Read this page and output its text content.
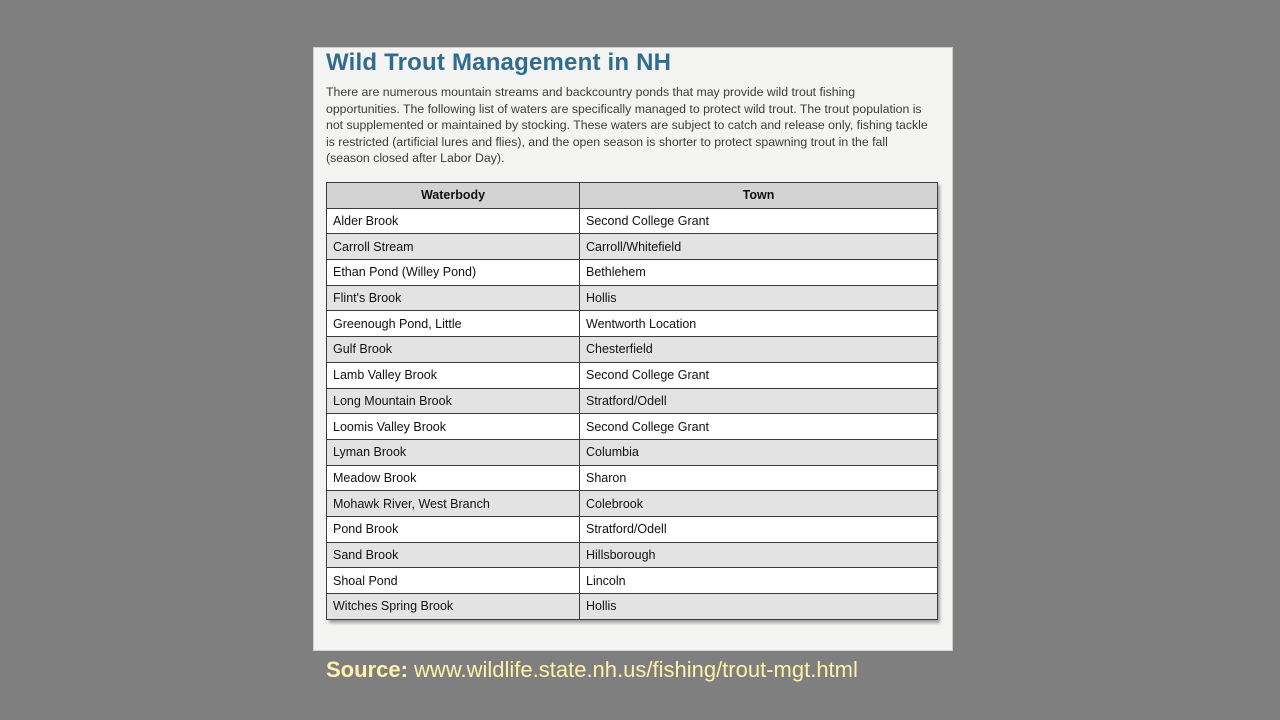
Wild Trout Management in NH

There are numerous mountain streams and backcountry ponds that may provide wild trout fishing opportunities. The following list of waters are specifically managed to protect wild trout. The trout population is not supplemented or maintained by stocking. These waters are subject to catch and release only, fishing tackle is restricted (artificial lures and flies), and the open season is shorter to protect spawning trout in the fall (season closed after Labor Day).

Waterbody	Town
Alder Brook	Second College Grant
Carroll Stream	Carroll/Whitefield
Ethan Pond (Willey Pond)	Bethlehem
Flint's Brook	Hollis
Greenough Pond, Little	Wentworth Location
Gulf Brook	Chesterfield
Lamb Valley Brook	Second College Grant
Long Mountain Brook	Stratford/Odell
Loomis Valley Brook	Second College Grant
Lyman Brook	Columbia
Meadow Brook	Sharon
Mohawk River, West Branch	Colebrook
Pond Brook	Stratford/Odell
Sand Brook	Hillsborough
Shoal Pond	Lincoln
Witches Spring Brook	Hollis
Source: www.wildlife.state.nh.us/fishing/trout-mgt.html
